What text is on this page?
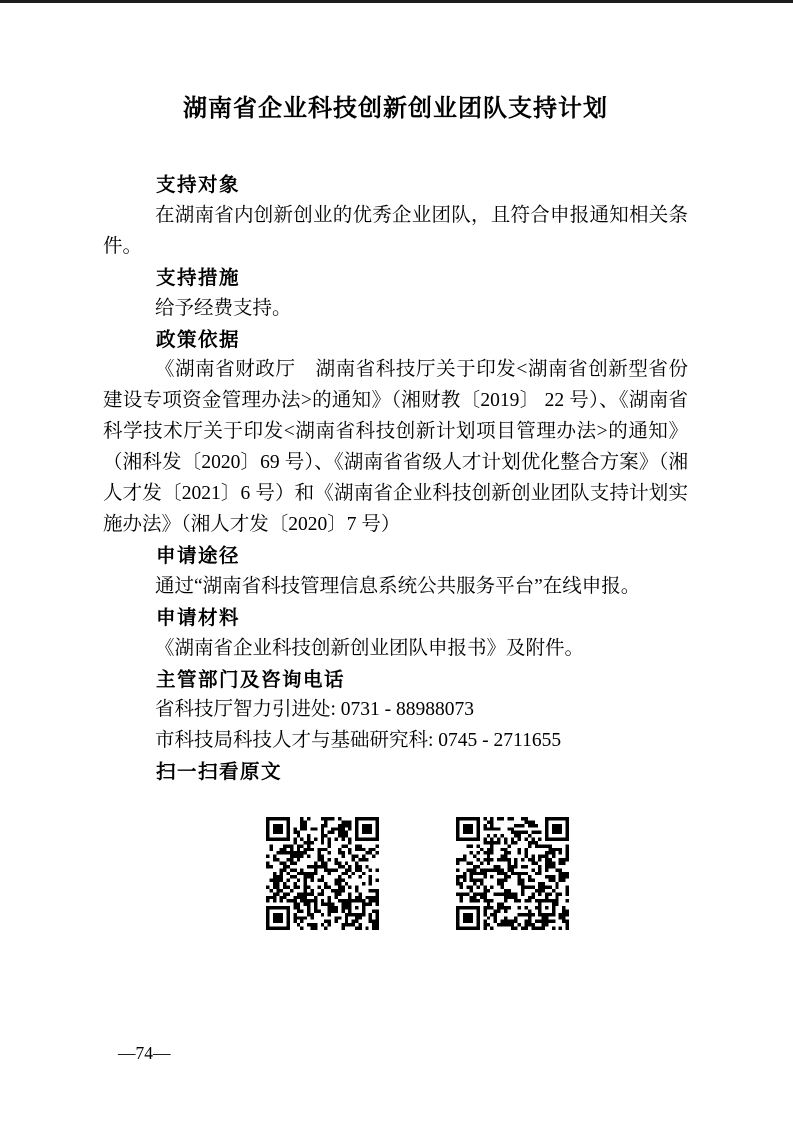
湖南省企业科技创新创业团队支持计划
支持对象

在湖南省内创新创业的优秀企业团队，且符合申报通知相关条件。

支持措施

给予经费支持。

政策依据

《湖南省财政厅　湖南省科技厅关于印发<湖南省创新型省份建设专项资金管理办法>的通知》（湘财教〔2019〕 22 号）、《湖南省科学技术厅关于印发<湖南省科技创新计划项目管理办法>的通知》（湘科发〔2020〕69 号）、《湖南省省级人才计划优化整合方案》（湘人才发〔2021〕6 号）和《湖南省企业科技创新创业团队支持计划实施办法》（湘人才发〔2020〕7 号）

申请途径

通过“湖南省科技管理信息系统公共服务平台”在线申报。

申请材料

《湖南省企业科技创新创业团队申报书》及附件。

主管部门及咨询电话

省科技厅智力引进处: 0731 - 88988073

市科技局科技人才与基础研究科: 0745 - 2711655

扫一扫看原文
—74—
